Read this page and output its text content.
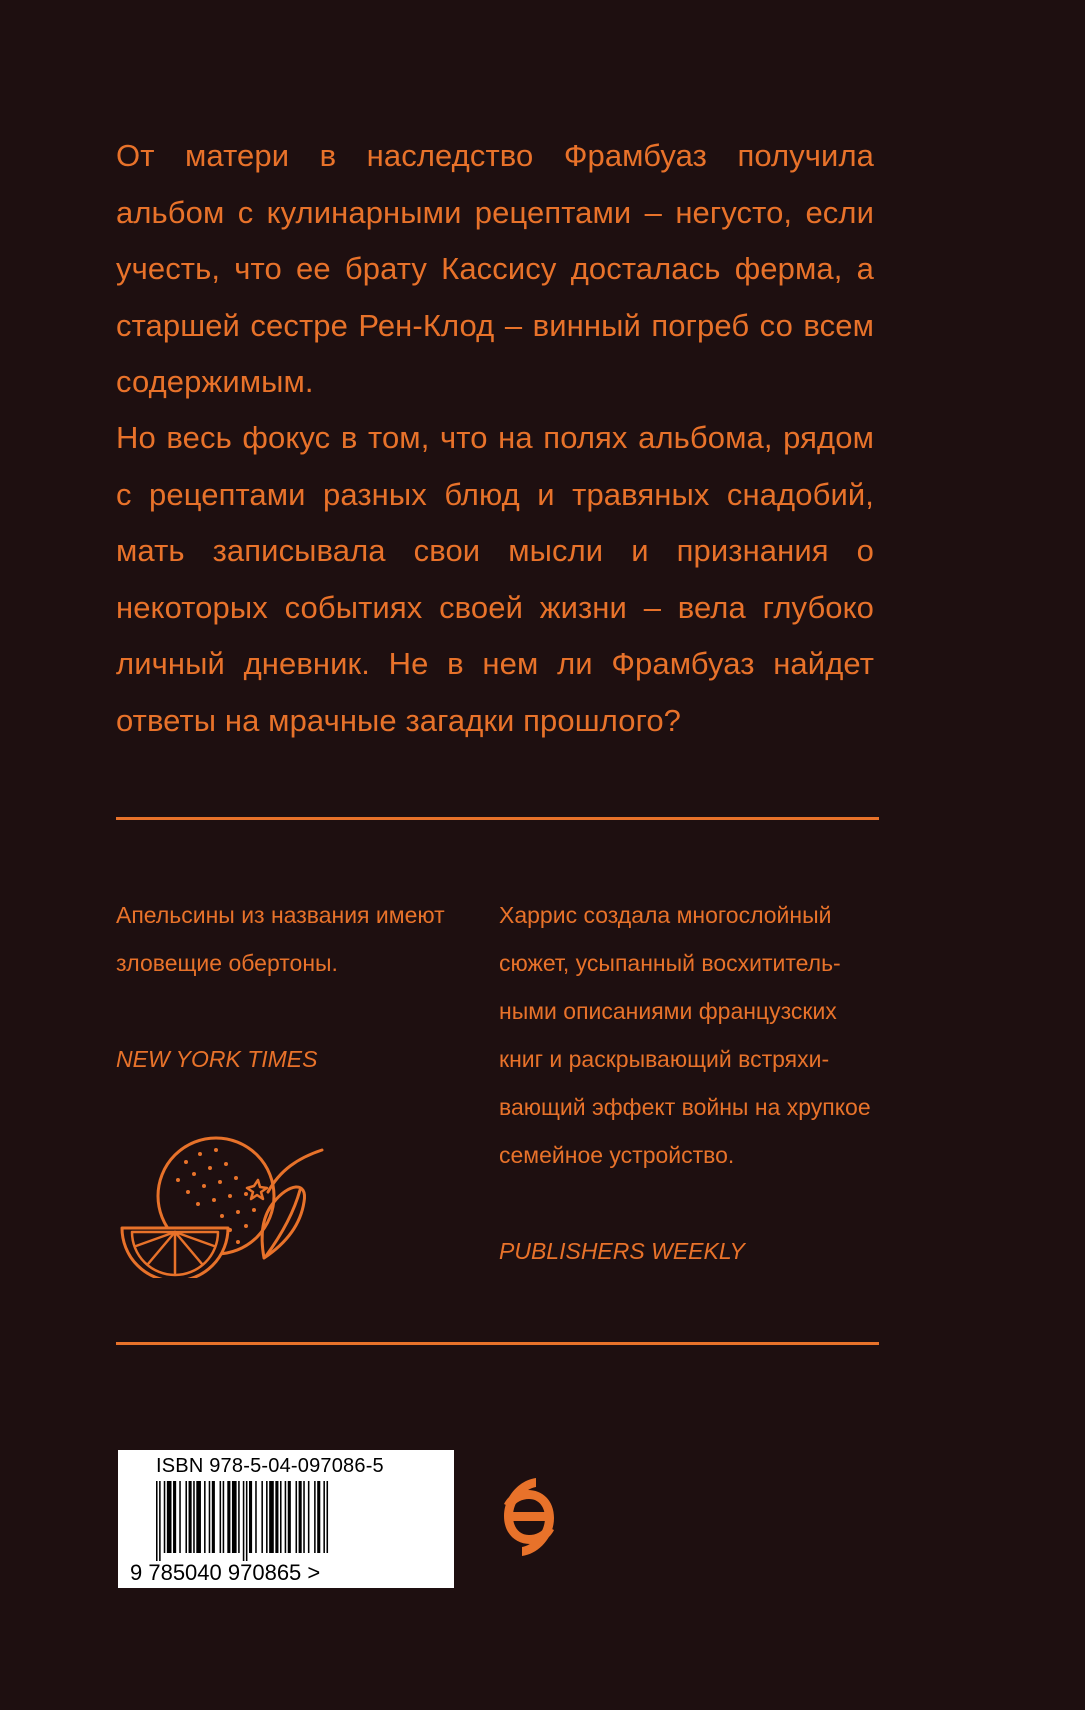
От матери в наследство Фрамбуаз получила альбом с кулинарными рецептами – негусто, если учесть, что ее брату Кассису досталась ферма, а старшей сестре Рен-Клод – винный погреб со всем содержимым.

Но весь фокус в том, что на полях альбома, рядом с рецептами разных блюд и травяных снадобий, мать записывала свои мысли и признания о некоторых событиях своей жизни – вела глубоко личный дневник. Не в нем ли Фрамбуаз найдет ответы на мрачные загадки прошлого?

Апельсины из названия имеют зловещие обертоны.

NEW YORK TIMES

Харрис создала многослойный сюжет, усыпанный восхититель-ными описаниями французских книг и раскрывающий встряхи-вающий эффект войны на хрупкое семейное устройство.

PUBLISHERS WEEKLY
ISBN 978-5-04-097086-5
9 785040 970865 >
